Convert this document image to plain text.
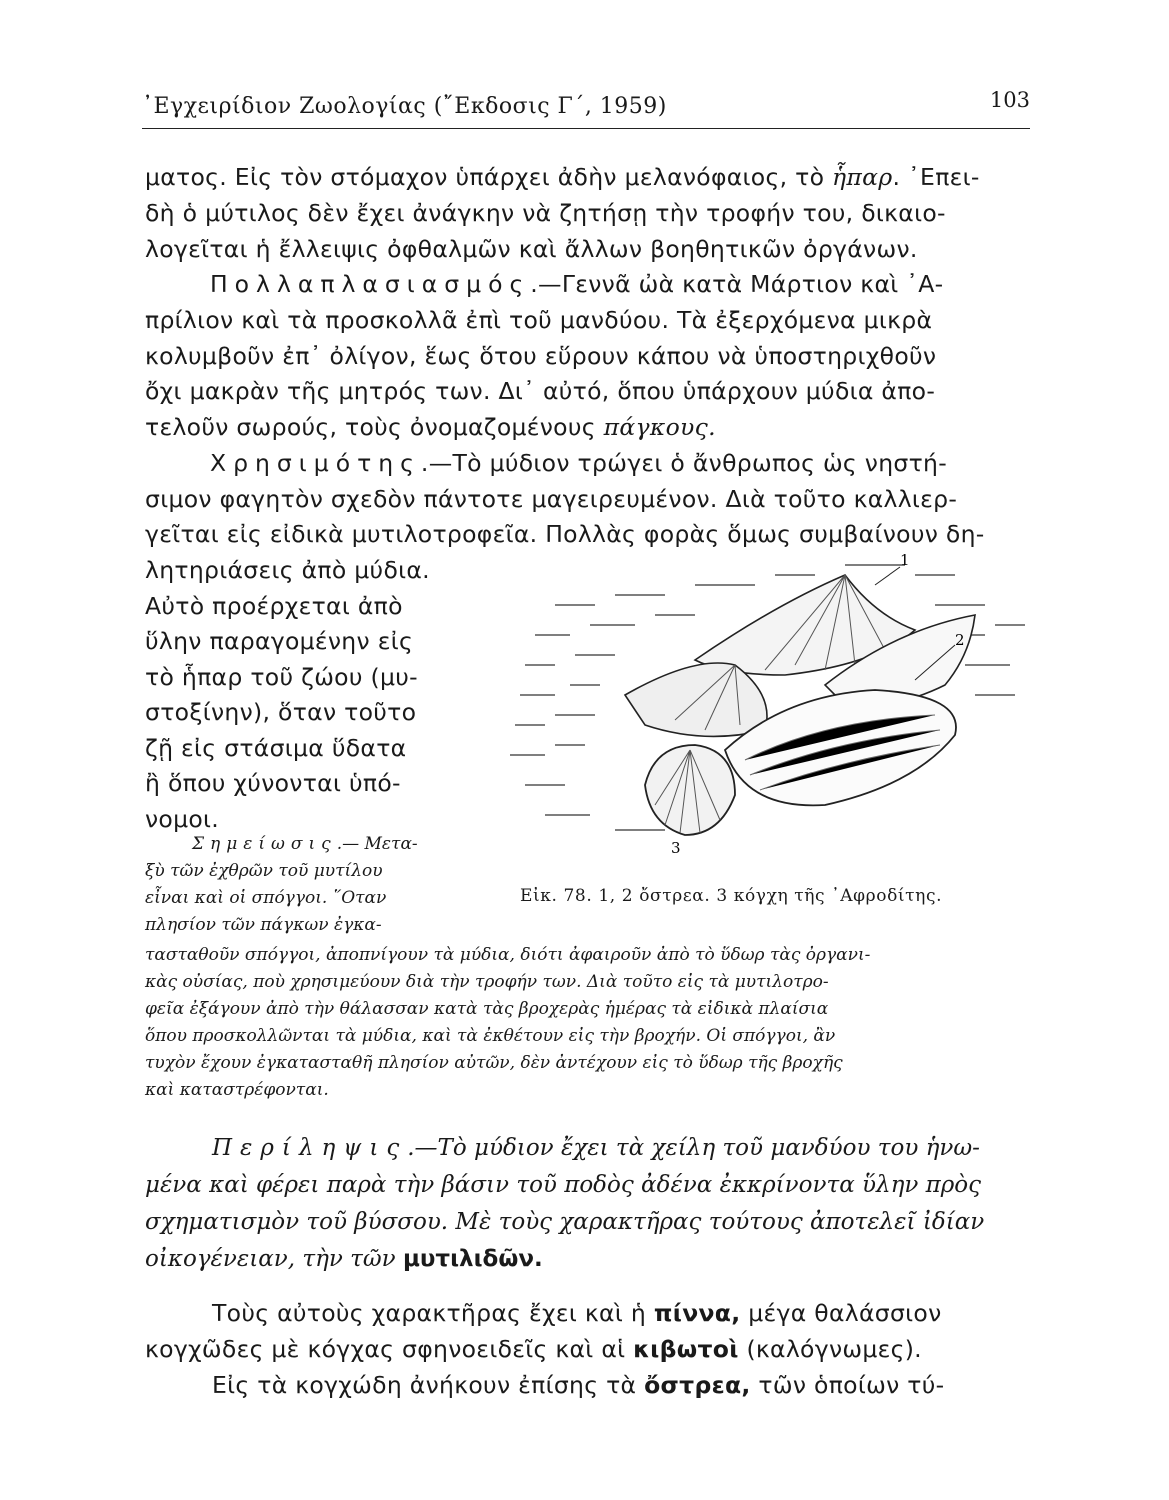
᾿Εγχειρίδιον Ζωολογίας (῎Εκδοσις Γ΄, 1959)	103
ματος. Εἰς τὸν στόμαχον ὑπάρχει ἀδὴν μελανόφαιος, τὸ ἧπαρ. ᾿Επει-
δὴ ὁ μύτιλος δὲν ἔχει ἀνάγκην νὰ ζητήσῃ τὴν τροφήν του, δικαιο-
λογεῖται ἡ ἔλλειψις ὀφθαλμῶν καὶ ἄλλων βοηθητικῶν ὀργάνων.
Πολλαπλασιασμός.—Γεννᾶ ὠὰ κατὰ Μάρτιον καὶ ᾿Α-
πρίλιον καὶ τὰ προσκολλᾶ ἐπὶ τοῦ μανδύου. Τὰ ἐξερχόμενα μικρὰ
κολυμβοῦν ἐπ᾿ ὀλίγον, ἕως ὅτου εὕρουν κάπου νὰ ὑποστηριχθοῦν
ὄχι μακρὰν τῆς μητρός των. Δι᾿ αὐτό, ὅπου ὑπάρχουν μύδια ἀπο-
τελοῦν σωρούς, τοὺς ὀνομαζομένους πάγκους.
Χρησιμότης.—Τὸ μύδιον τρώγει ὁ ἄνθρωπος ὡς νηστή-
σιμον φαγητὸν σχεδὸν πάντοτε μαγειρευμένον. Διὰ τοῦτο καλλιερ-
γεῖται εἰς εἰδικὰ μυτιλοτροφεῖα. Πολλὰς φορὰς ὅμως συμβαίνουν δη-
λητηριάσεις ἀπὸ μύδια.
Αὐτὸ προέρχεται ἀπὸ
ὕλην παραγομένην εἰς
τὸ ἧπαρ τοῦ ζώου (μυ-
στοξίνην), ὅταν τοῦτο
ζῇ εἰς στάσιμα ὕδατα
ἢ ὅπου χύνονται ὑπό-
νομοι.
1
2
3
Εἰκ. 78. 1, 2 ὄστρεα. 3 κόγχη τῆς ᾿Αφροδίτης.
Σημείωσις.— Μετα-
ξὺ τῶν ἐχθρῶν τοῦ μυτίλου
εἶναι καὶ οἱ σπόγγοι. ῞Οταν
πλησίον τῶν πάγκων ἐγκα-
τασταθοῦν σπόγγοι, ἀποπνίγουν τὰ μύδια, διότι ἀφαιροῦν ἀπὸ τὸ ὕδωρ τὰς ὀργανι-
κὰς οὐσίας, ποὺ χρησιμεύουν διὰ τὴν τροφήν των. Διὰ τοῦτο εἰς τὰ μυτιλοτρο-
φεῖα ἐξάγουν ἀπὸ τὴν θάλασσαν κατὰ τὰς βροχερὰς ἡμέρας τὰ εἰδικὰ πλαίσια
ὅπου προσκολλῶνται τὰ μύδια, καὶ τὰ ἐκθέτουν εἰς τὴν βροχήν. Οἱ σπόγγοι, ἂν
τυχὸν ἔχουν ἐγκατασταθῆ πλησίον αὐτῶν, δὲν ἀντέχουν εἰς τὸ ὕδωρ τῆς βροχῆς
καὶ καταστρέφονται.
Περίληψις.—Τὸ μύδιον ἔχει τὰ χείλη τοῦ μανδύου του ἡνω-
μένα καὶ φέρει παρὰ τὴν βάσιν τοῦ ποδὸς ἀδένα ἐκκρίνοντα ὕλην πρὸς
σχηματισμὸν τοῦ βύσσου. Μὲ τοὺς χαρακτῆρας τούτους ἀποτελεῖ ἰδίαν
οἰκογένειαν, τὴν τῶν μυτιλιδῶν.
Τοὺς αὐτοὺς χαρακτῆρας ἔχει καὶ ἡ πίννα, μέγα θαλάσσιον
κογχῶδες μὲ κόγχας σφηνοειδεῖς καὶ αἱ κιβωτοὶ (καλόγνωμες).
Εἰς τὰ κογχώδη ἀνήκουν ἐπίσης τὰ ὄστρεα, τῶν ὁποίων τύ-
